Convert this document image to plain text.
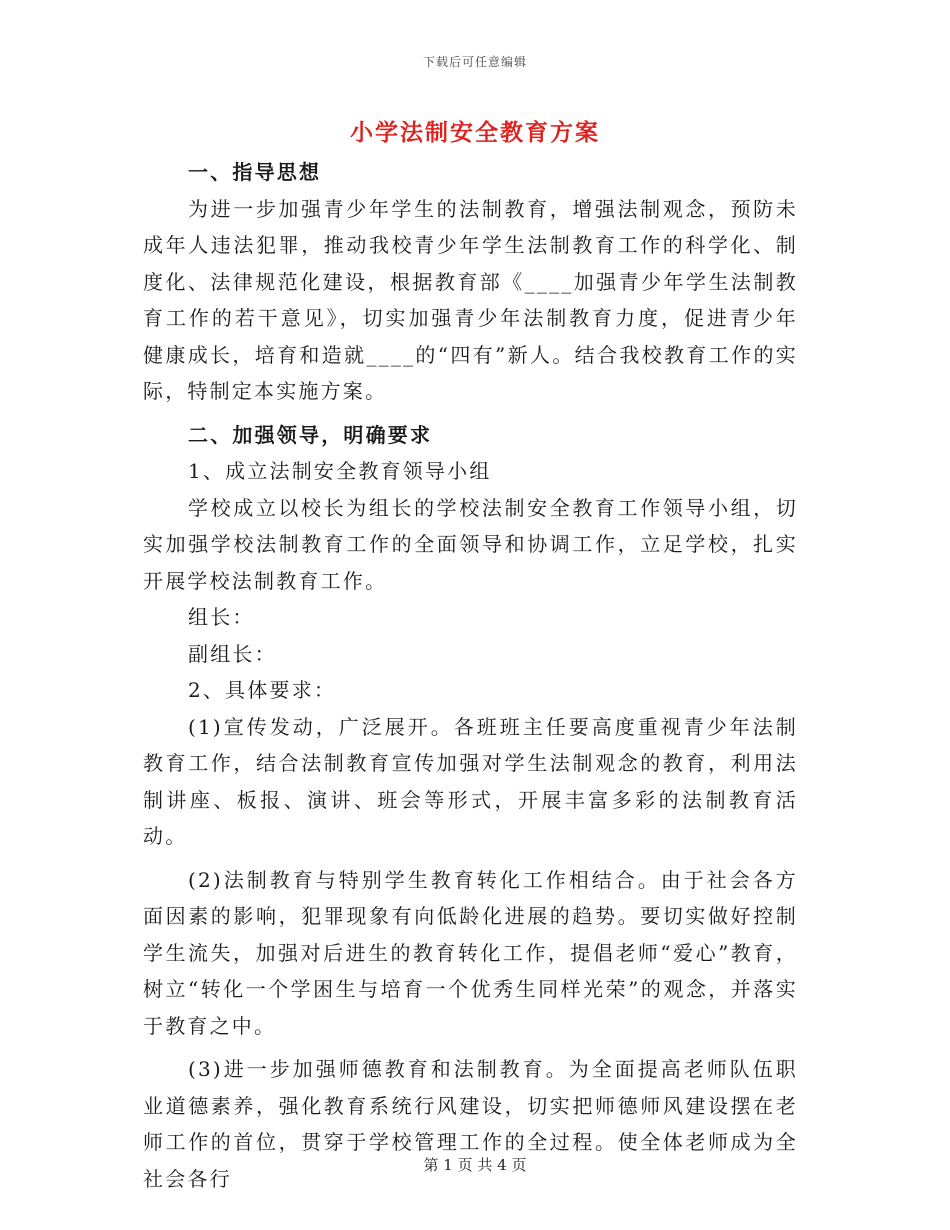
下载后可任意编辑
小学法制安全教育方案

一、指导思想

为进一步加强青少年学生的法制教育，增强法制观念，预防未成年人违法犯罪，推动我校青少年学生法制教育工作的科学化、制度化、法律规范化建设，根据教育部《____加强青少年学生法制教育工作的若干意见》，切实加强青少年法制教育力度，促进青少年健康成长，培育和造就____的“四有”新人。结合我校教育工作的实际，特制定本实施方案。

二、加强领导，明确要求

1、成立法制安全教育领导小组

学校成立以校长为组长的学校法制安全教育工作领导小组，切实加强学校法制教育工作的全面领导和协调工作，立足学校，扎实开展学校法制教育工作。

组长：

副组长：

2、具体要求：

(1)宣传发动，广泛展开。各班班主任要高度重视青少年法制教育工作，结合法制教育宣传加强对学生法制观念的教育，利用法制讲座、板报、演讲、班会等形式，开展丰富多彩的法制教育活动。

(2)法制教育与特别学生教育转化工作相结合。由于社会各方面因素的影响，犯罪现象有向低龄化进展的趋势。要切实做好控制学生流失，加强对后进生的教育转化工作，提倡老师“爱心”教育，树立“转化一个学困生与培育一个优秀生同样光荣”的观念，并落实于教育之中。

(3)进一步加强师德教育和法制教育。为全面提高老师队伍职业道德素养，强化教育系统行风建设，切实把师德师风建设摆在老师工作的首位，贯穿于学校管理工作的全过程。使全体老师成为全社会各行

第 1 页 共 4 页
